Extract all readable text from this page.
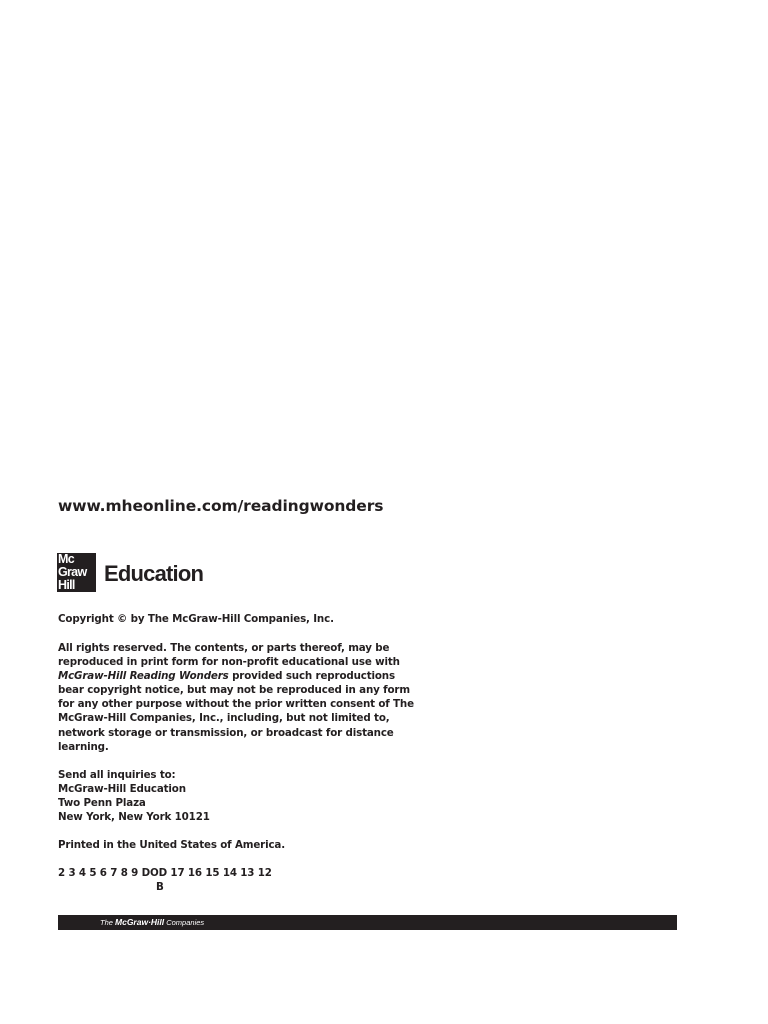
www.mheonline.com/readingwonders
Mc
Graw
Hill	Education

Copyright © by The McGraw-Hill Companies, Inc.

All rights reserved. The contents, or parts thereof, may be

reproduced in print form for non-profit educational use with

McGraw-Hill Reading Wonders provided such reproductions

bear copyright notice, but may not be reproduced in any form

for any other purpose without the prior written consent of The

McGraw-Hill Companies, Inc., including, but not limited to,

network storage or transmission, or broadcast for distance

learning.

Send all inquiries to:

McGraw-Hill Education

Two Penn Plaza

New York, New York 10121

Printed in the United States of America.

2 3 4 5 6 7 8 9 DOD 17 16 15 14 13 12

B

The McGraw·Hill Companies
